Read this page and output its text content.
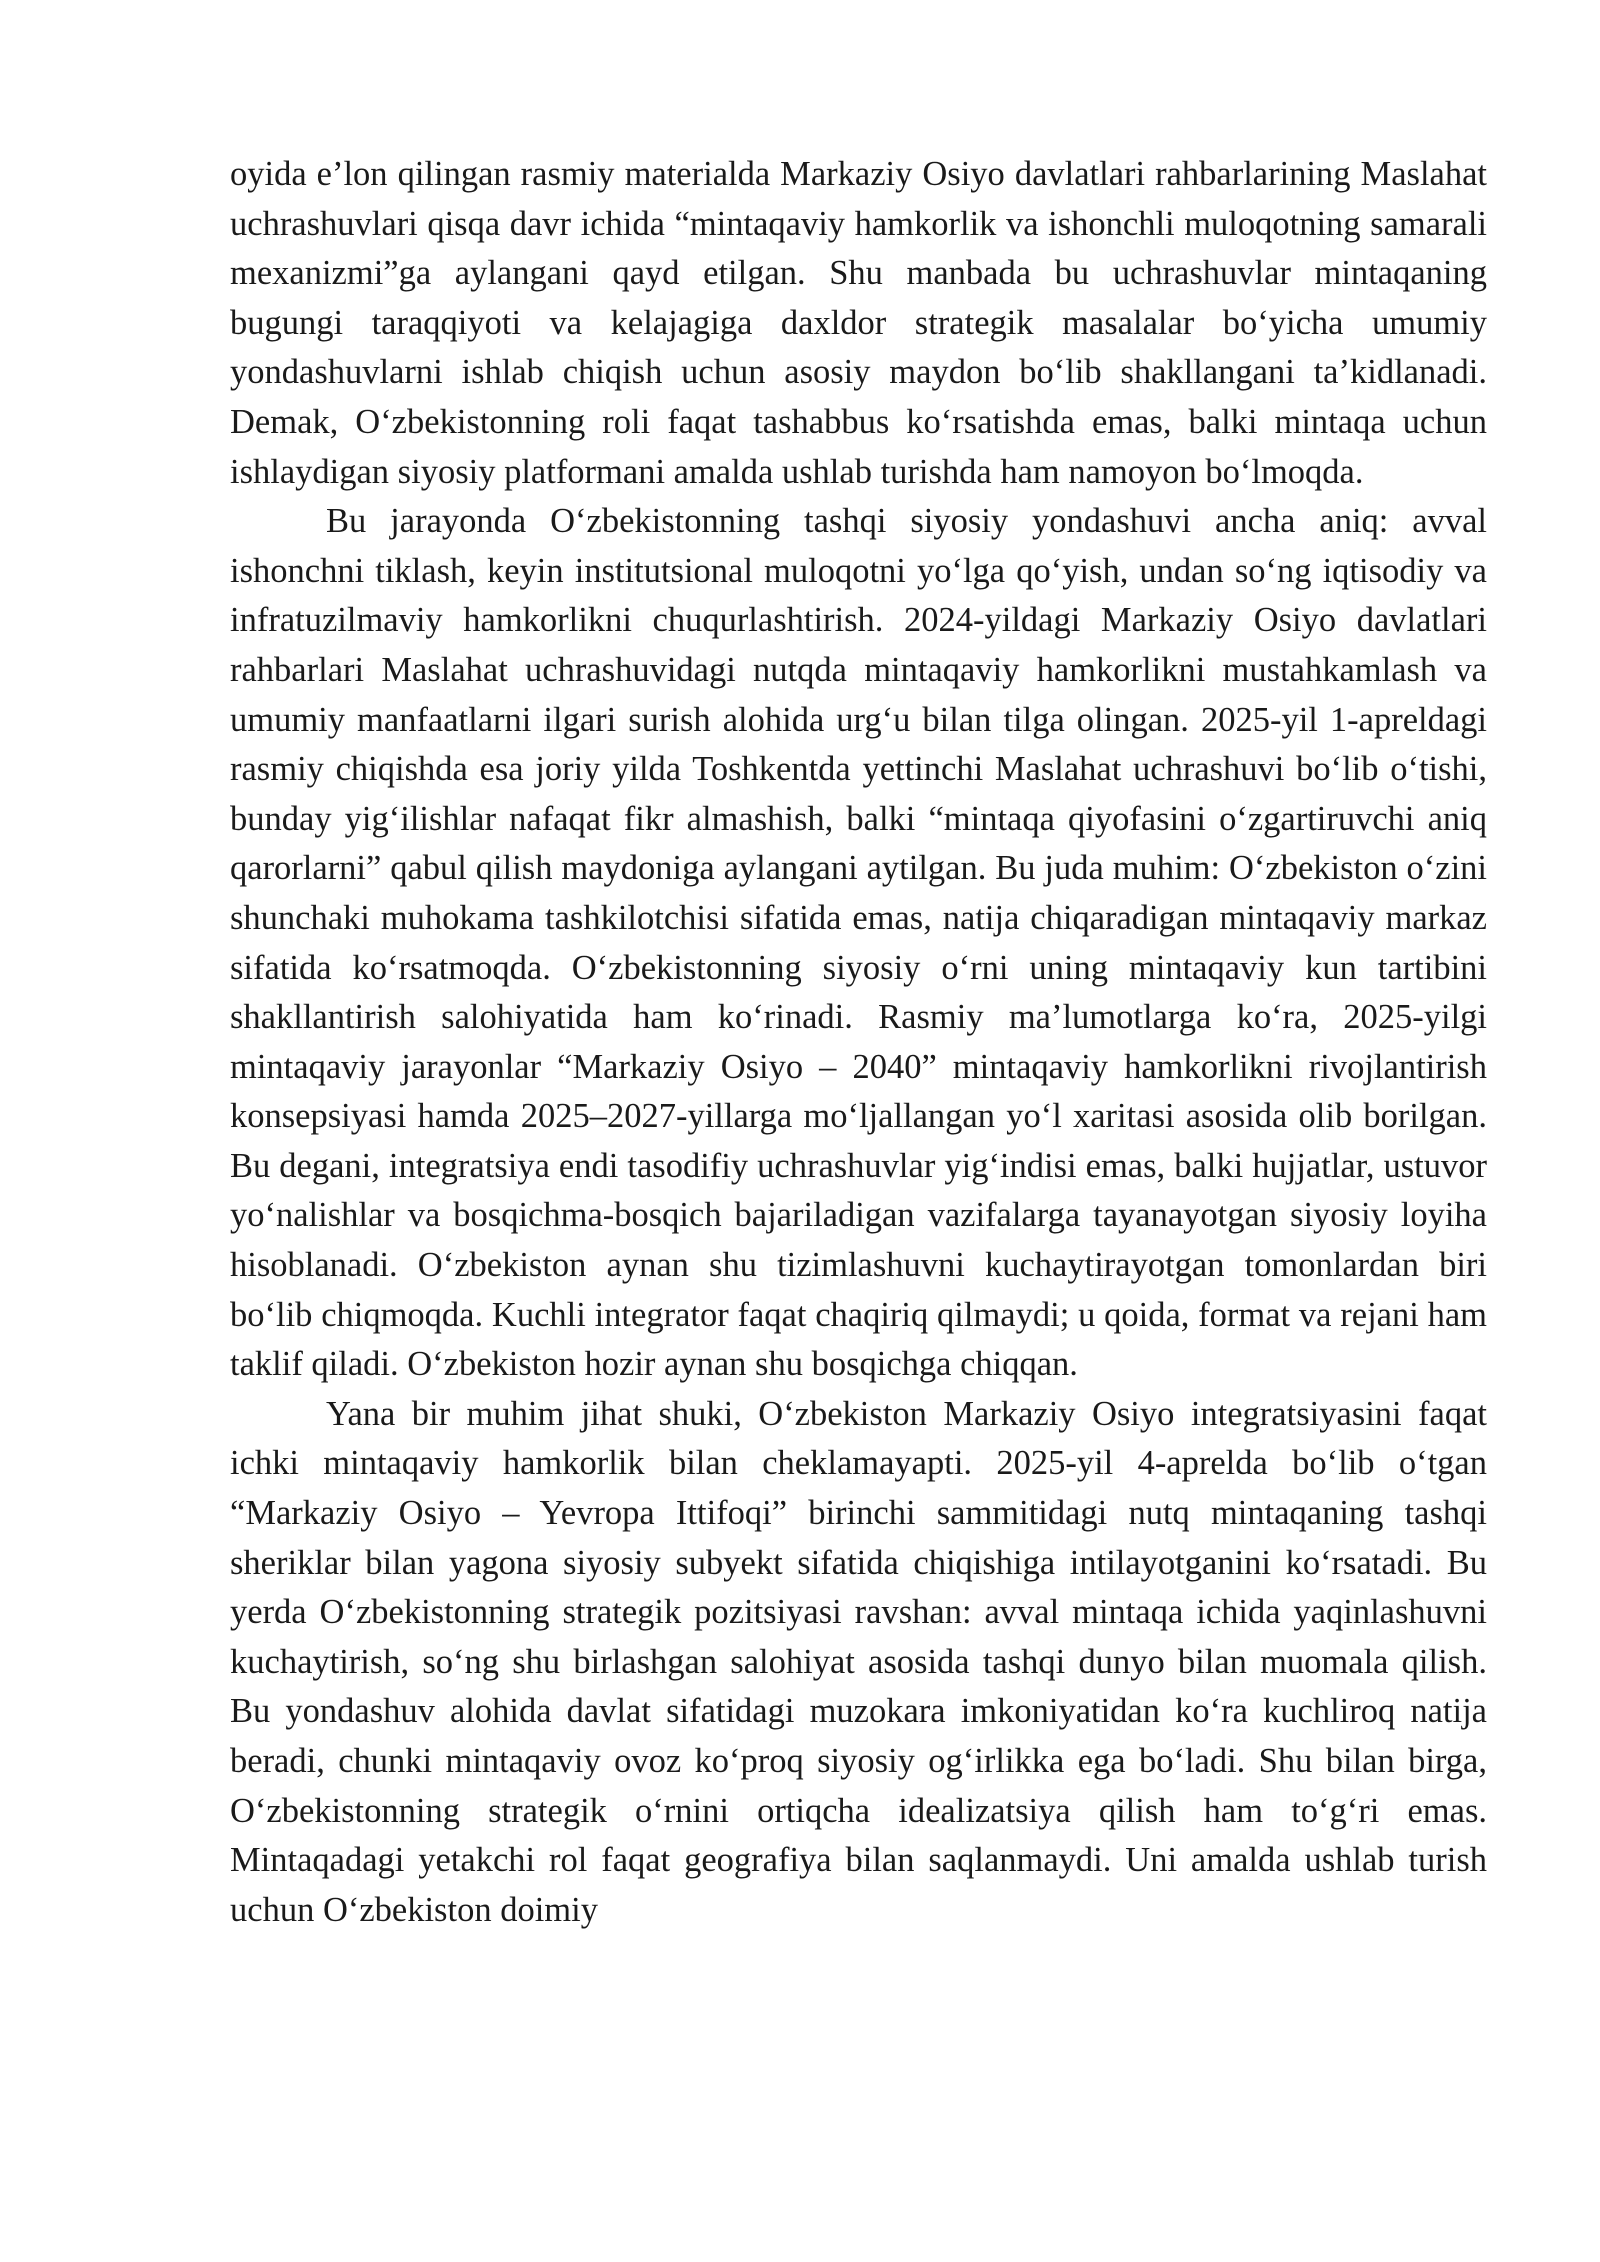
oyida e’lon qilingan rasmiy materialda Markaziy Osiyo davlatlari rahbarlarining Maslahat uchrashuvlari qisqa davr ichida “mintaqaviy hamkorlik va ishonchli muloqotning samarali mexanizmi”ga aylangani qayd etilgan. Shu manbada bu uchrashuvlar mintaqaning bugungi taraqqiyoti va kelajagiga daxldor strategik masalalar bo‘yicha umumiy yondashuvlarni ishlab chiqish uchun asosiy maydon bo‘lib shakllangani ta’kidlanadi. Demak, O‘zbekistonning roli faqat tashabbus ko‘rsatishda emas, balki mintaqa uchun ishlaydigan siyosiy platformani amalda ushlab turishda ham namoyon bo‘lmoqda.

Bu jarayonda O‘zbekistonning tashqi siyosiy yondashuvi ancha aniq: avval ishonchni tiklash, keyin institutsional muloqotni yo‘lga qo‘yish, undan so‘ng iqtisodiy va infratuzilmaviy hamkorlikni chuqurlashtirish. 2024-yildagi Markaziy Osiyo davlatlari rahbarlari Maslahat uchrashuvidagi nutqda mintaqaviy hamkorlikni mustahkamlash va umumiy manfaatlarni ilgari surish alohida urg‘u bilan tilga olingan. 2025-yil 1-apreldagi rasmiy chiqishda esa joriy yilda Toshkentda yettinchi Maslahat uchrashuvi bo‘lib o‘tishi, bunday yig‘ilishlar nafaqat fikr almashish, balki “mintaqa qiyofasini o‘zgartiruvchi aniq qarorlarni” qabul qilish maydoniga aylangani aytilgan. Bu juda muhim: O‘zbekiston o‘zini shunchaki muhokama tashkilotchisi sifatida emas, natija chiqaradigan mintaqaviy markaz sifatida ko‘rsatmoqda. O‘zbekistonning siyosiy o‘rni uning mintaqaviy kun tartibini shakllantirish salohiyatida ham ko‘rinadi. Rasmiy ma’lumotlarga ko‘ra, 2025-yilgi mintaqaviy jarayonlar “Markaziy Osiyo – 2040” mintaqaviy hamkorlikni rivojlantirish konsepsiyasi hamda 2025–2027-yillarga mo‘ljallangan yo‘l xaritasi asosida olib borilgan. Bu degani, integratsiya endi tasodifiy uchrashuvlar yig‘indisi emas, balki hujjatlar, ustuvor yo‘nalishlar va bosqichma-bosqich bajariladigan vazifalarga tayanayotgan siyosiy loyiha hisoblanadi. O‘zbekiston aynan shu tizimlashuvni kuchaytirayotgan tomonlardan biri bo‘lib chiqmoqda. Kuchli integrator faqat chaqiriq qilmaydi; u qoida, format va rejani ham taklif qiladi. O‘zbekiston hozir aynan shu bosqichga chiqqan.

Yana bir muhim jihat shuki, O‘zbekiston Markaziy Osiyo integratsiyasini faqat ichki mintaqaviy hamkorlik bilan cheklamayapti. 2025-yil 4-aprelda bo‘lib o‘tgan “Markaziy Osiyo – Yevropa Ittifoqi” birinchi sammitidagi nutq mintaqaning tashqi sheriklar bilan yagona siyosiy subyekt sifatida chiqishiga intilayotganini ko‘rsatadi. Bu yerda O‘zbekistonning strategik pozitsiyasi ravshan: avval mintaqa ichida yaqinlashuvni kuchaytirish, so‘ng shu birlashgan salohiyat asosida tashqi dunyo bilan muomala qilish. Bu yondashuv alohida davlat sifatidagi muzokara imkoniyatidan ko‘ra kuchliroq natija beradi, chunki mintaqaviy ovoz ko‘proq siyosiy og‘irlikka ega bo‘ladi. Shu bilan birga, O‘zbekistonning strategik o‘rnini ortiqcha idealizatsiya qilish ham to‘g‘ri emas. Mintaqadagi yetakchi rol faqat geografiya bilan saqlanmaydi. Uni amalda ushlab turish uchun O‘zbekiston doimiy
